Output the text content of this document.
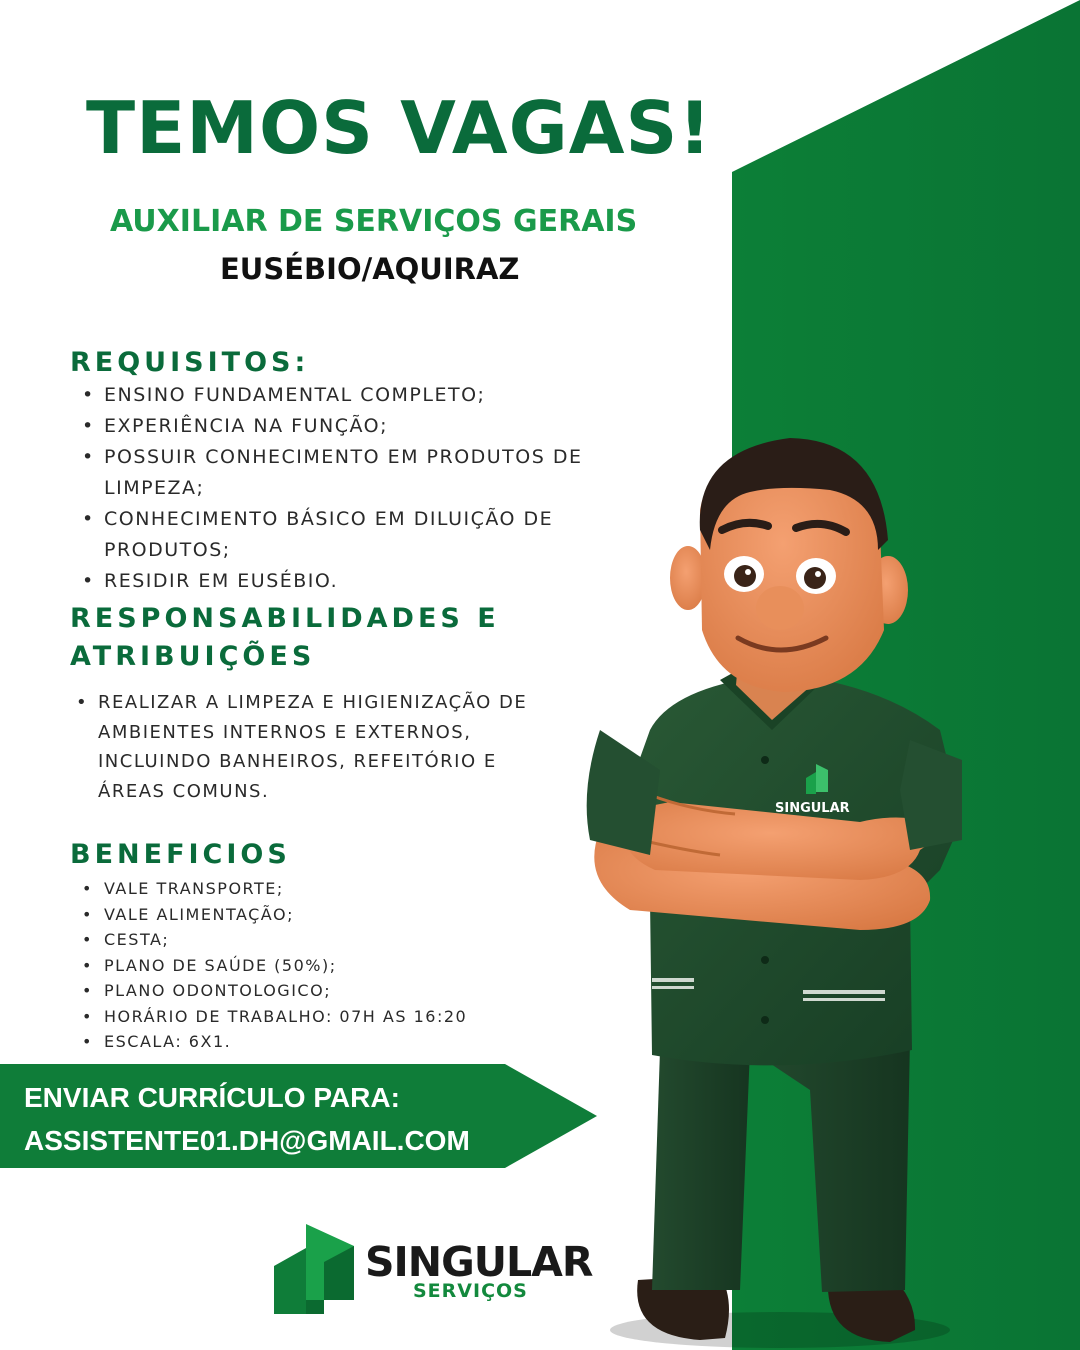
TEMOS VAGAS!
AUXILIAR DE SERVIÇOS GERAIS
EUSÉBIO/AQUIRAZ
REQUISITOS:
• ENSINO FUNDAMENTAL COMPLETO;
• EXPERIÊNCIA NA FUNÇÃO;
• POSSUIR CONHECIMENTO EM PRODUTOS DE LIMPEZA;
• CONHECIMENTO BÁSICO EM DILUIÇÃO DE PRODUTOS;
• RESIDIR EM EUSÉBIO.
RESPONSABILIDADES E
ATRIBUIÇÕES
• REALIZAR A LIMPEZA E HIGIENIZAÇÃO DE AMBIENTES INTERNOS E EXTERNOS, INCLUINDO BANHEIROS, REFEITÓRIO E ÁREAS COMUNS.
BENEFICIOS
• VALE TRANSPORTE;
• VALE ALIMENTAÇÃO;
• CESTA;
• PLANO DE SAÚDE (50%);
• PLANO ODONTOLOGICO;
• HORÁRIO DE TRABALHO: 07H AS 16:20
• ESCALA: 6X1.
ENVIAR CURRÍCULO PARA:
ASSISTENTE01.DH@GMAIL.COM
SINGULAR
SERVIÇOS
SINGULAR
